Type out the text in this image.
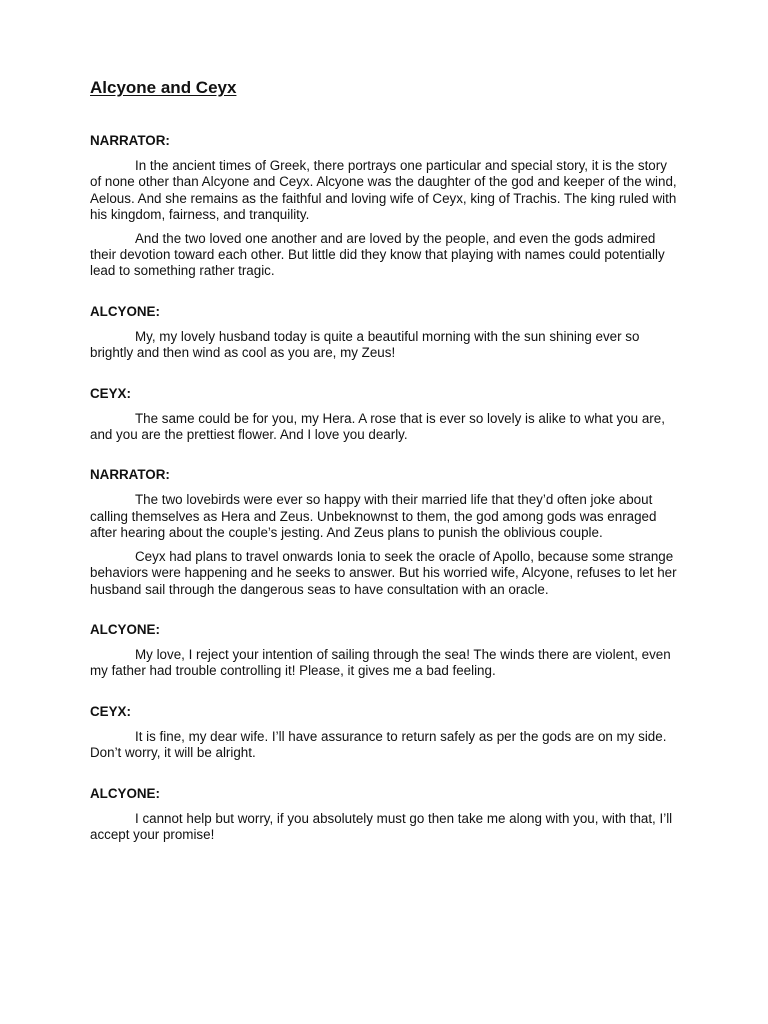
Alcyone and Ceyx
NARRATOR:

In the ancient times of Greek, there portrays one particular and special story, it is the story of none other than Alcyone and Ceyx. Alcyone was the daughter of the god and keeper of the wind, Aelous. And she remains as the faithful and loving wife of Ceyx, king of Trachis. The king ruled with his kingdom, fairness, and tranquility.

And the two loved one another and are loved by the people, and even the gods admired their devotion toward each other. But little did they know that playing with names could potentially lead to something rather tragic.

ALCYONE:

My, my lovely husband today is quite a beautiful morning with the sun shining ever so brightly and then wind as cool as you are, my Zeus!

CEYX:

The same could be for you, my Hera. A rose that is ever so lovely is alike to what you are, and you are the prettiest flower. And I love you dearly.

NARRATOR:

The two lovebirds were ever so happy with their married life that they’d often joke about calling themselves as Hera and Zeus. Unbeknownst to them, the god among gods was enraged after hearing about the couple’s jesting. And Zeus plans to punish the oblivious couple.

Ceyx had plans to travel onwards Ionia to seek the oracle of Apollo, because some strange behaviors were happening and he seeks to answer. But his worried wife, Alcyone, refuses to let her husband sail through the dangerous seas to have consultation with an oracle.

ALCYONE:

My love, I reject your intention of sailing through the sea! The winds there are violent, even my father had trouble controlling it! Please, it gives me a bad feeling.

CEYX:

It is fine, my dear wife. I’ll have assurance to return safely as per the gods are on my side. Don’t worry, it will be alright.

ALCYONE:

I cannot help but worry, if you absolutely must go then take me along with you, with that, I’ll accept your promise!
